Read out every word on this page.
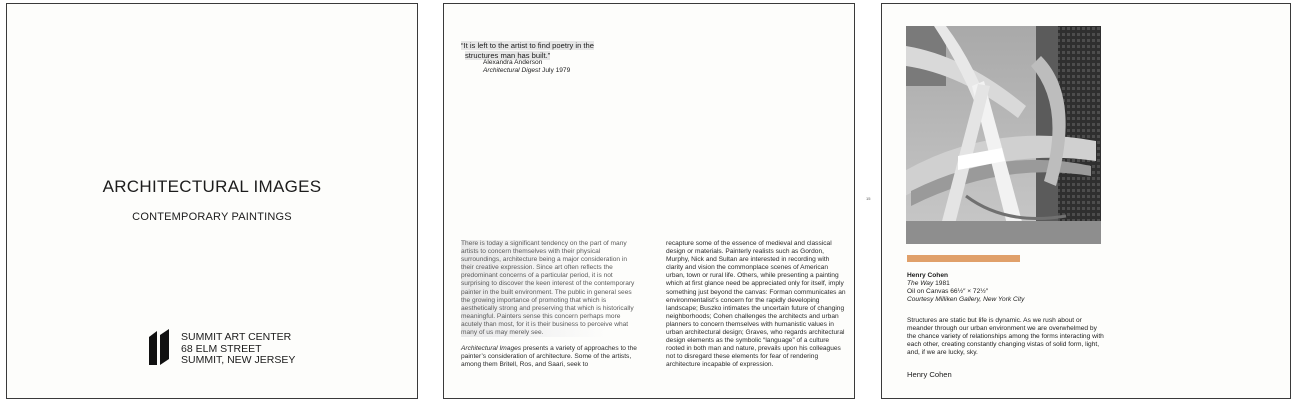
ARCHITECTURAL IMAGES
CONTEMPORARY PAINTINGS
SUMMIT ART CENTER
68 ELM STREET
SUMMIT, NEW JERSEY
“It is left to the artist to find poetry in the
structures man has built.”
Alexandra Anderson
Architectural Digest July 1979

There is today a significant tendency on the part of many artists to concern themselves with their physical surroundings, architecture being a major consideration in their creative expression. Since art often reflects the predominant concerns of a particular period, it is not surprising to discover the keen interest of the contemporary painter in the built environment. The public in general sees the growing importance of promoting that which is aesthetically strong and preserving that which is historically meaningful. Painters sense this concern perhaps more acutely than most, for it is their business to perceive what many of us may merely see.

Architectural Images presents a variety of approaches to the painter’s consideration of architecture. Some of the artists, among them Britell, Ros, and Saari, seek to

recapture some of the essence of medieval and classical design or materials. Painterly realists such as Gordon, Murphy, Nick and Sultan are interested in recording with clarity and vision the commonplace scenes of American urban, town or rural life. Others, while presenting a painting which at first glance need be appreciated only for itself, imply something just beyond the canvas: Forman communicates an environmentalist’s concern for the rapidly developing landscape; Buszko intimates the uncertain future of changing neighborhoods; Cohen challenges the architects and urban planners to concern themselves with humanistic values in urban architectural design; Graves, who regards architectural design elements as the symbolic “language” of a culture rooted in both man and nature, prevails upon his colleagues not to disregard these elements for fear of rendering architecture incapable of expression.

15
Henry Cohen
The Way 1981
Oil on Canvas 66½″ × 72½″
Courtesy Milliken Gallery, New York City
Structures are static but life is dynamic. As we rush about or meander through our urban environment we are overwhelmed by the chance variety of relationships among the forms interacting with each other, creating constantly changing vistas of solid form, light, and, if we are lucky, sky.
Henry Cohen
